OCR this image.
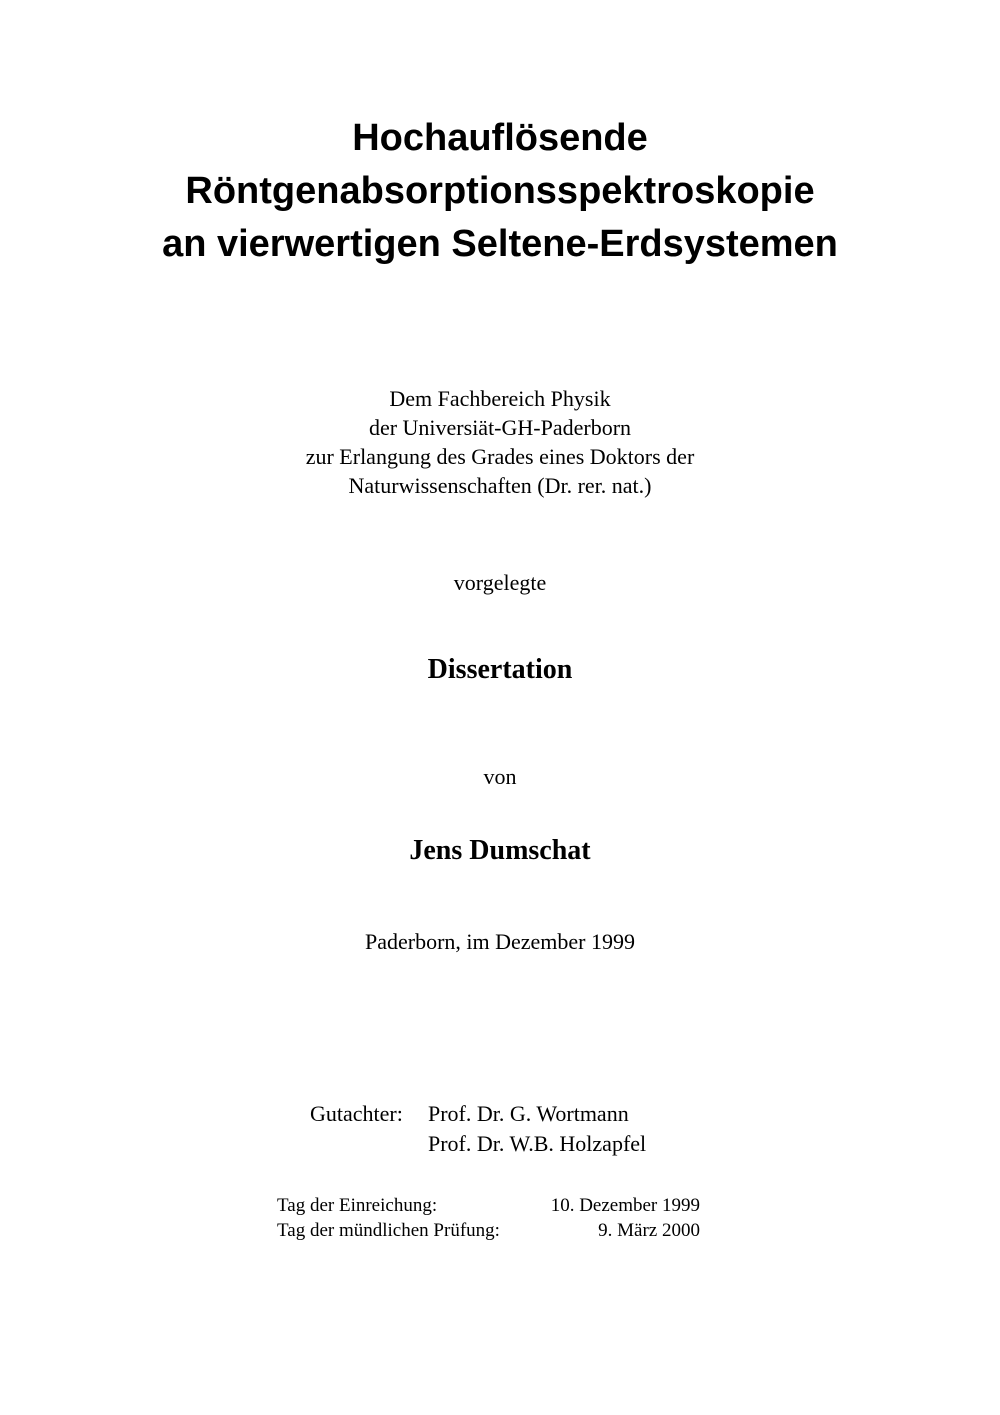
Hochauflösende
Röntgenabsorptionsspektroskopie
an vierwertigen Seltene-Erdsystemen
Dem Fachbereich Physik
der Universiät-GH-Paderborn
zur Erlangung des Grades eines Doktors der
Naturwissenschaften (Dr. rer. nat.)
vorgelegte
Dissertation
von
Jens Dumschat
Paderborn, im Dezember 1999
Gutachter: Prof. Dr. G. Wortmann
Prof. Dr. W.B. Holzapfel
Tag der Einreichung:	10. Dezember 1999
Tag der mündlichen Prüfung:	9. März 2000
